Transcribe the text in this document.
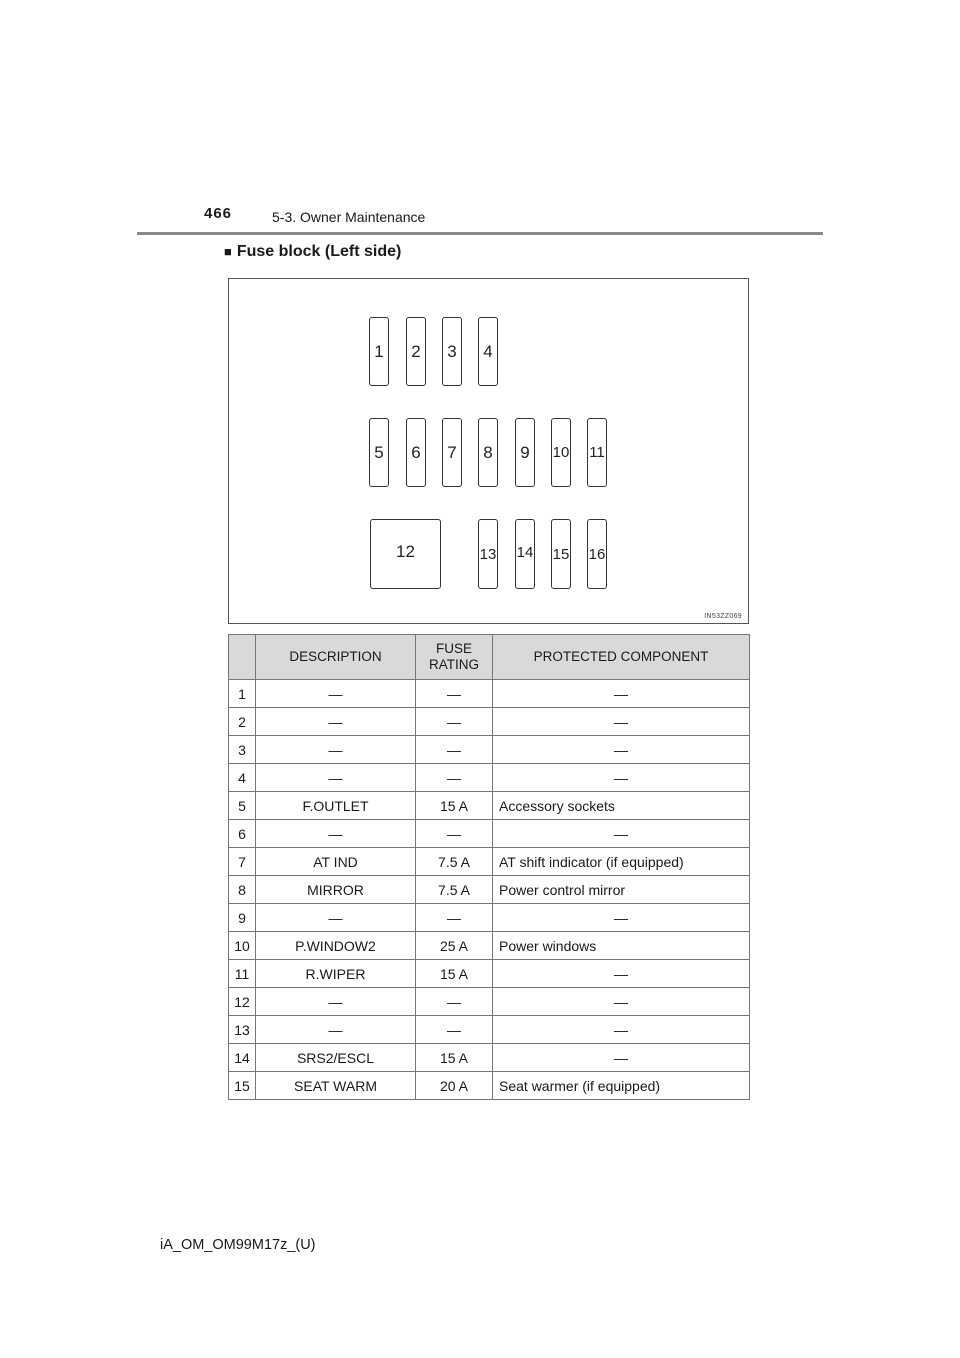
466	5-3. Owner Maintenance
■ Fuse block (Left side)
1	2	3	4
5	6	7	8	9	10 11
12	13 14 15 16
IN53ZZ069
	DESCRIPTION	FUSE RATING	PROTECTED COMPONENT
1	—	—	—
2	—	—	—
3	—	—	—
4	—	—	—
5	F.OUTLET	15 A	Accessory sockets
6	—	—	—
7	AT IND	7.5 A	AT shift indicator (if equipped)
8	MIRROR	7.5 A	Power control mirror
9	—	—	—
10	P.WINDOW2	25 A	Power windows
11	R.WIPER	15 A	—
12	—	—	—
13	—	—	—
14	SRS2/ESCL	15 A	—
15	SEAT WARM	20 A	Seat warmer (if equipped)
iA_OM_OM99M17z_(U)
